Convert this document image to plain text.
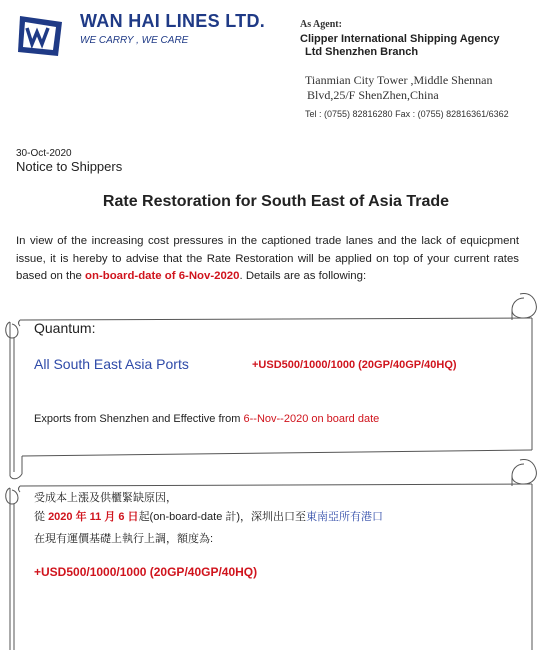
WAN HAI LINES LTD.
WE CARRY , WE CARE
As Agent:
Clipper International Shipping Agency
Ltd Shenzhen Branch
Tianmian City Tower ,Middle Shennan
Blvd,25/F ShenZhen,China
Tel : (0755) 82816280 Fax : (0755) 82816361/6362
30-Oct-2020
Notice to Shippers
Rate Restoration for South East of Asia Trade
In view of the increasing cost pressures in the captioned trade lanes and the lack of equicpment issue, it is hereby to advise that the Rate Restoration will be applied on top of your current rates based on the on-board-date of 6-Nov-2020. Details are as following:
Quantum:
All South East Asia Ports	+USD500/1000/1000 (20GP/40GP/40HQ)
Exports from Shenzhen and Effective from 6--Nov--2020 on board date
受成本上漲及供櫃緊缺原因，
從 2020 年 11 月 6 日起(on-board-date 計)，深圳出口至東南亞所有港口
在現有運價基礎上執行上調，額度為:
+USD500/1000/1000 (20GP/40GP/40HQ)
